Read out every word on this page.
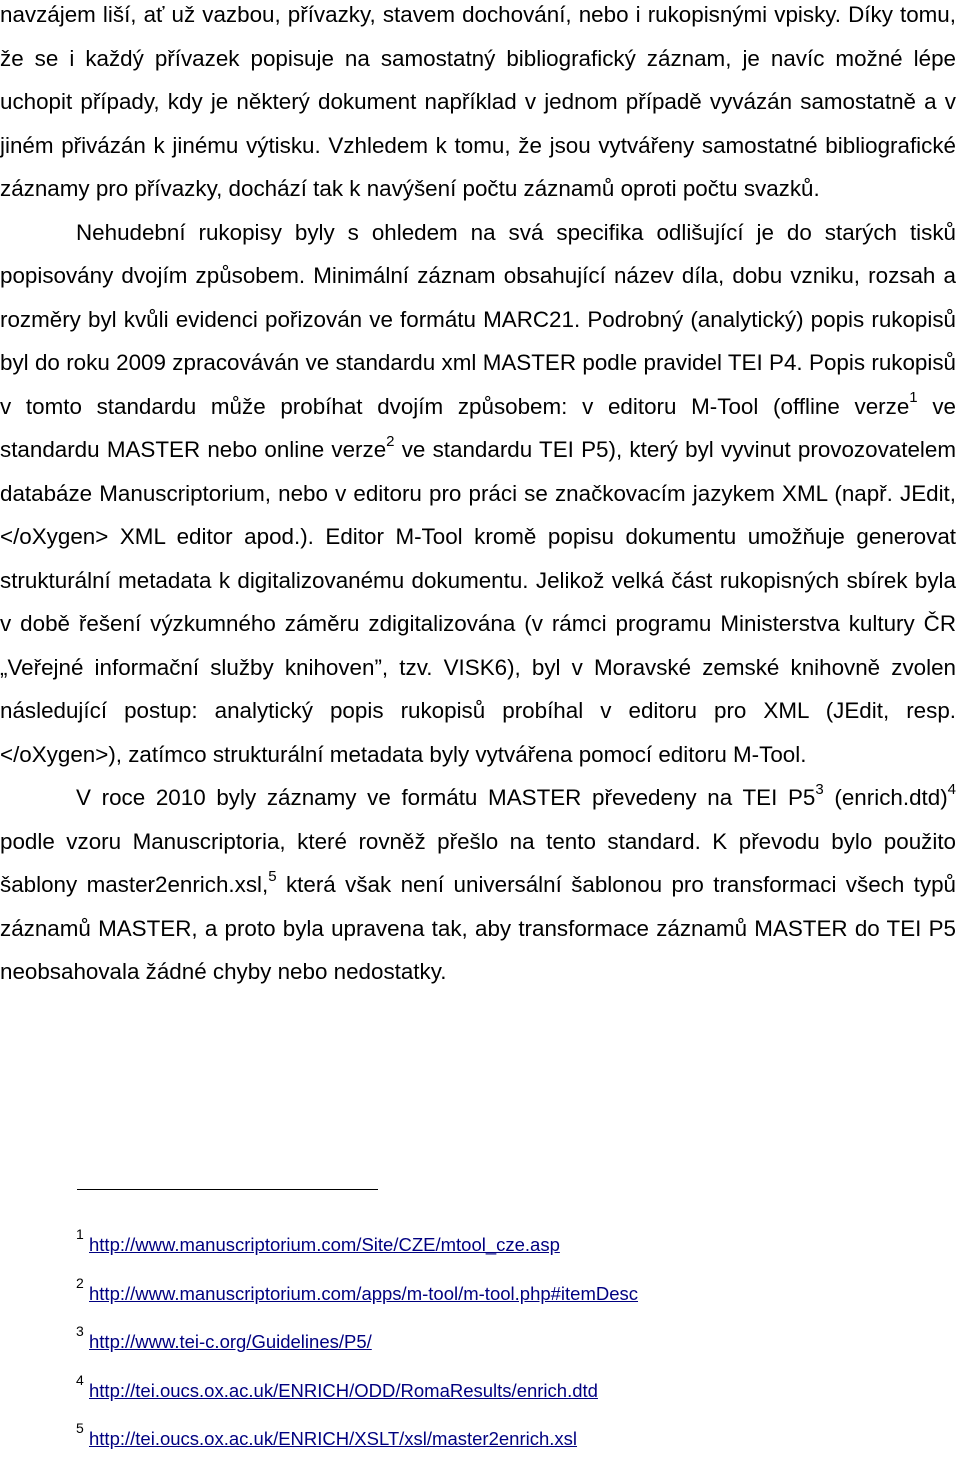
navzájem liší, ať už vazbou, přívazky, stavem dochování, nebo i rukopisnými vpisky. Díky tomu, že se i každý přívazek popisuje na samostatný bibliografický záznam, je navíc možné lépe uchopit případy, kdy je některý dokument například v jednom případě vyvázán samostatně a v jiném přivázán k jinému výtisku. Vzhledem k tomu, že jsou vytvářeny samostatné bibliografické záznamy pro přívazky, dochází tak k navýšení počtu záznamů oproti počtu svazků.

Nehudební rukopisy byly s ohledem na svá specifika odlišující je do starých tisků popisovány dvojím způsobem. Minimální záznam obsahující název díla, dobu vzniku, rozsah a rozměry byl kvůli evidenci pořizován ve formátu MARC21. Podrobný (analytický) popis rukopisů byl do roku 2009 zpracováván ve standardu xml MASTER podle pravidel TEI P4. Popis rukopisů v tomto standardu může probíhat dvojím způsobem: v editoru M-Tool (offline verze$^1$ ve standardu MASTER nebo online verze$^2$ ve standardu TEI P5), který byl vyvinut provozovatelem databáze Manuscriptorium, nebo v editoru pro práci se značkovacím jazykem XML (např. JEdit, </oXygen> XML editor apod.). Editor M-Tool kromě popisu dokumentu umožňuje generovat strukturální metadata k digitalizovanému dokumentu. Jelikož velká část rukopisných sbírek byla v době řešení výzkumného záměru zdigitalizována (v rámci programu Ministerstva kultury ČR „Veřejné informační služby knihoven”, tzv. VISK6), byl v Moravské zemské knihovně zvolen následující postup: analytický popis rukopisů probíhal v editoru pro XML (JEdit, resp. </oXygen>), zatímco strukturální metadata byly vytvářena pomocí editoru M-Tool.

V roce 2010 byly záznamy ve formátu MASTER převedeny na TEI P5$^3$ (enrich.dtd)$^4$ podle vzoru Manuscriptoria, které rovněž přešlo na tento standard. K převodu bylo použito šablony master2enrich.xsl,$^5$ která však není universální šablonou pro transformaci všech typů záznamů MASTER, a proto byla upravena tak, aby transformace záznamů MASTER do TEI P5 neobsahovala žádné chyby nebo nedostatky.

1 http://www.manuscriptorium.com/Site/CZE/mtool_cze.asp
2 http://www.manuscriptorium.com/apps/m-tool/m-tool.php#itemDesc
3 http://www.tei-c.org/Guidelines/P5/
4 http://tei.oucs.ox.ac.uk/ENRICH/ODD/RomaResults/enrich.dtd
5 http://tei.oucs.ox.ac.uk/ENRICH/XSLT/xsl/master2enrich.xsl
